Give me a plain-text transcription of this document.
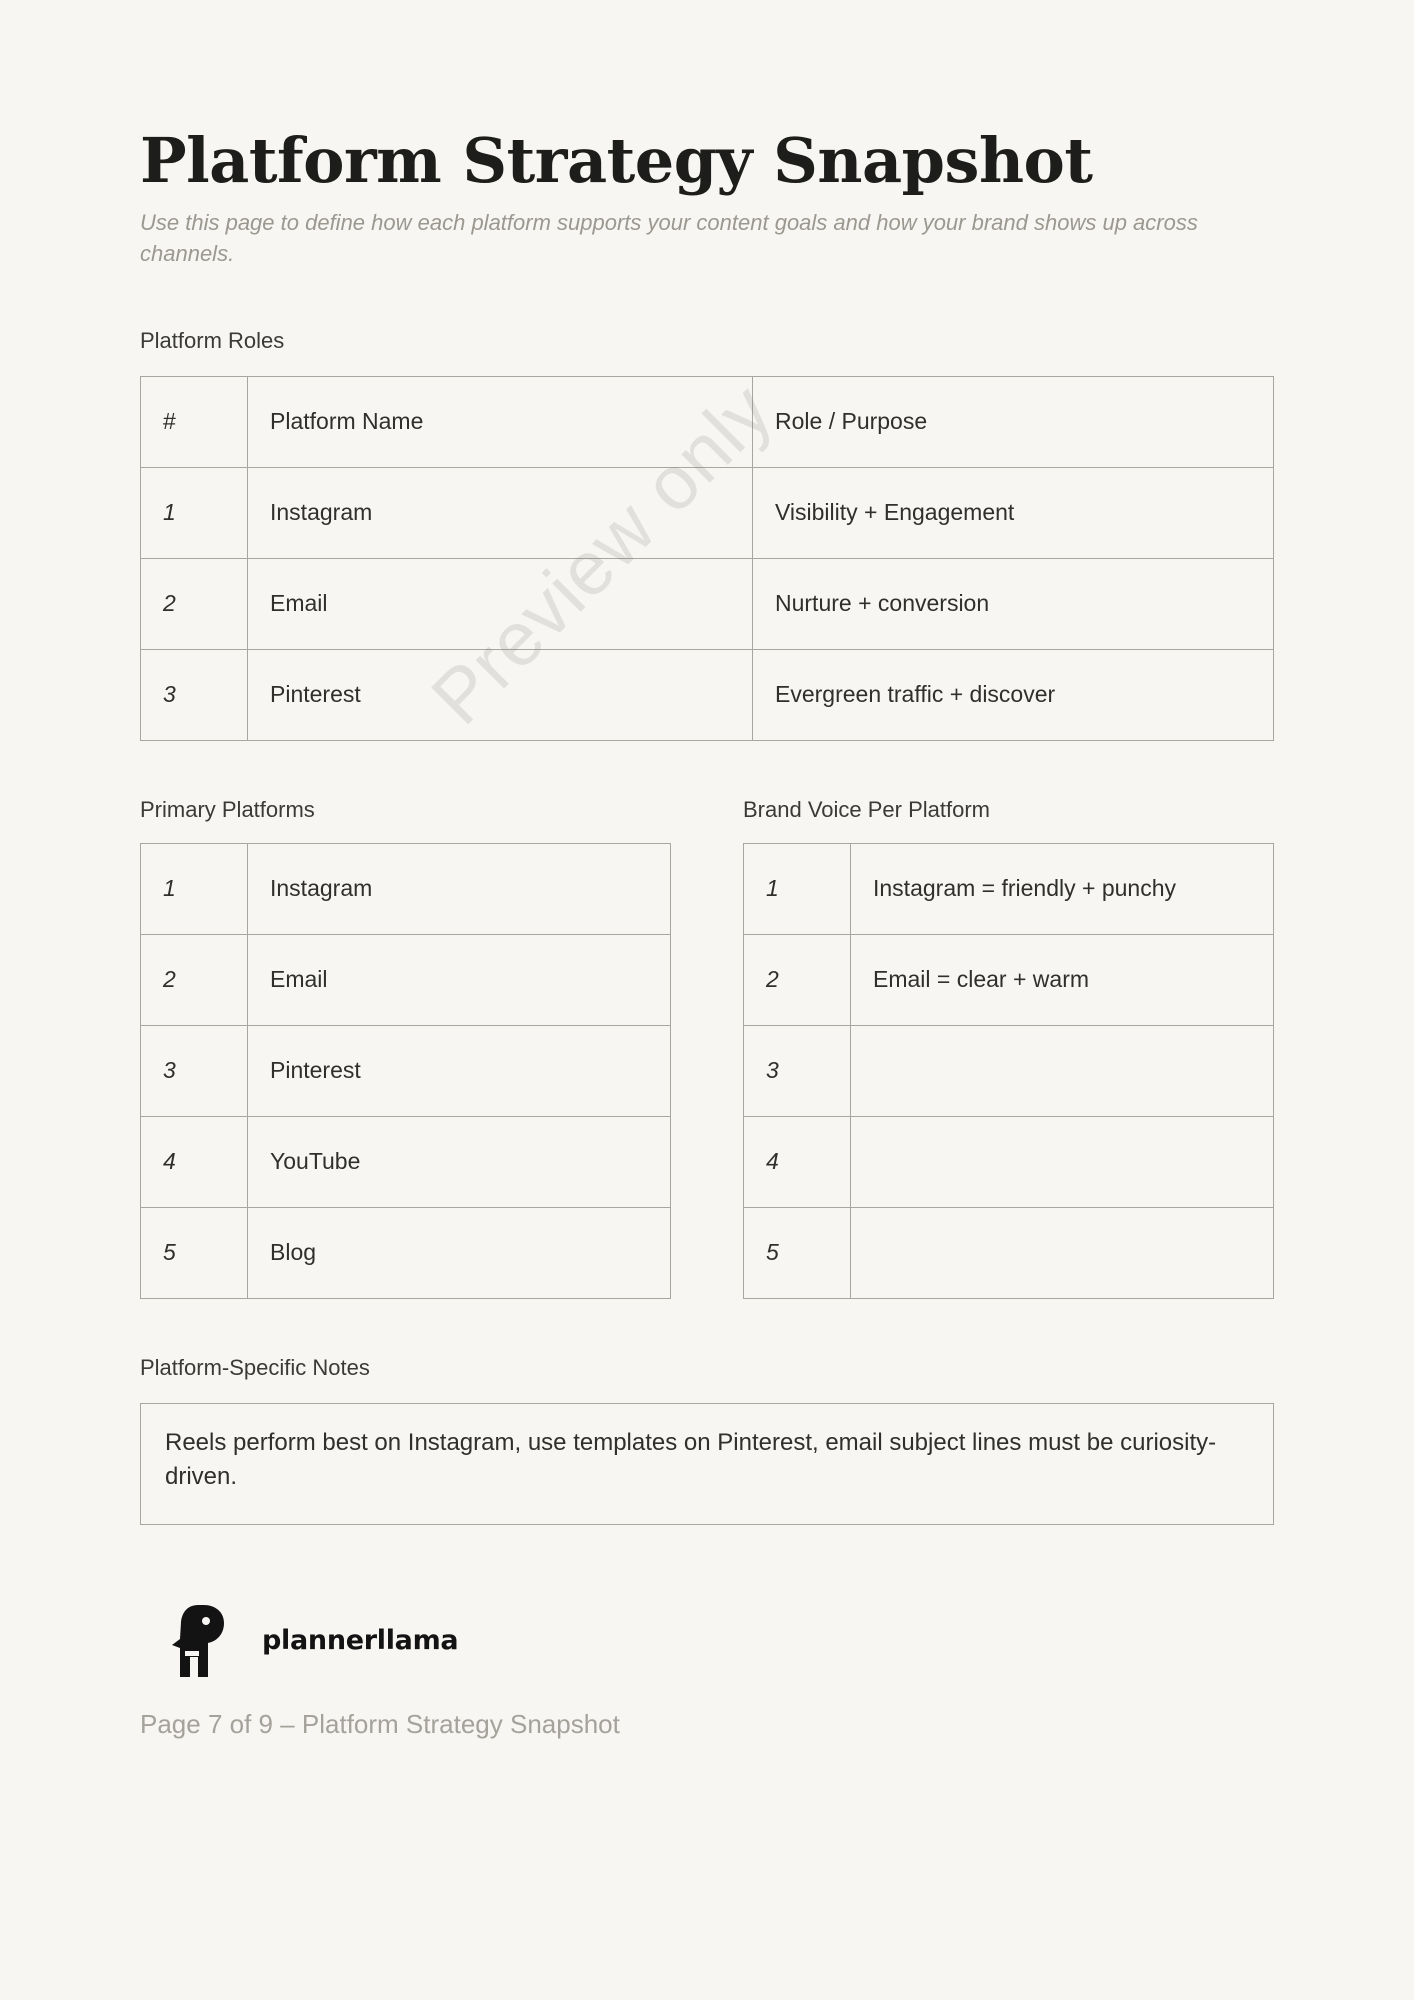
Preview only
Platform Strategy Snapshot

Use this page to define how each platform supports your content goals and how your brand shows up across channels.

Platform Roles
#	Platform Name	Role / Purpose
1	Instagram	Visibility + Engagement
2	Email	Nurture + conversion
3	Pinterest	Evergreen traffic + discover
Primary Platforms
1	Instagram
2	Email
3	Pinterest
4	YouTube
5	Blog
Brand Voice Per Platform
1	Instagram = friendly + punchy
2	Email = clear + warm
3	
4	
5	
Platform-Specific Notes
Reels perform best on Instagram, use templates on Pinterest, email subject lines must be curiosity-driven.
plannerllama
Page 7 of 9 – Platform Strategy Snapshot
